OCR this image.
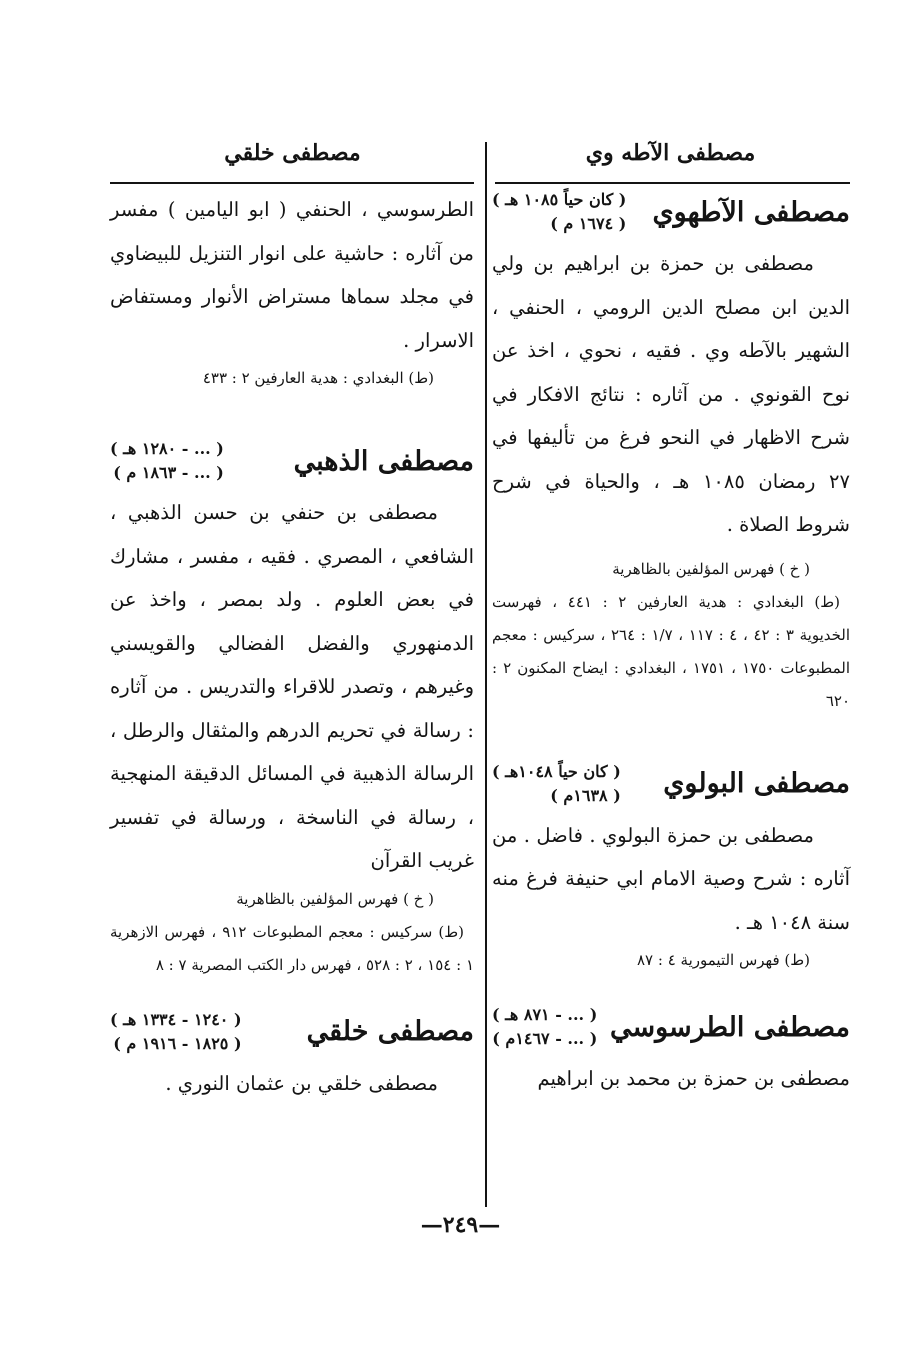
مصطفى الآطه وي
مصطفى خلقي
مصطفى الآطهوي
( كان حياً ١٠٨٥ هـ )
( ١٦٧٤ م )
مصطفى بن حمزة بن ابراهيم بن ولي الدين ابن مصلح الدين الرومي ، الحنفي ، الشهير بالآطه وي . فقيه ، نحوي ، اخذ عن نوح القونوي . من آثاره : نتائج الافكار في شرح الاظهار في النحو فرغ من تأليفها في ٢٧ رمضان ١٠٨٥ هـ ، والحياة في شرح شروط الصلاة .
( خ ) فهرس المؤلفين بالظاهرية
(ط) البغدادي : هدية العارفين ٢ : ٤٤١ ، فهرست الخديوية ٣ : ٤٢ ، ٤ : ١١٧ ، ١/٧ : ٢٦٤ ، سركيس : معجم المطبوعات ١٧٥٠ ، ١٧٥١ ، البغدادي : ايضاح المكنون ٢ : ٦٢٠
مصطفى البولوي
( كان حياً ١٠٤٨هـ )
( ١٦٣٨م )
مصطفى بن حمزة البولوي . فاضل . من آثاره : شرح وصية الامام ابي حنيفة فرغ منه سنة ١٠٤٨ هـ .
(ط) فهرس التيمورية ٤ : ٨٧
مصطفى الطرسوسي
( ... - ٨٧١ هـ )
( ... - ١٤٦٧م )
مصطفى بن حمزة بن محمد بن ابراهيم
الطرسوسي ، الحنفي ( ابو اليامين ) مفسر من آثاره : حاشية على انوار التنزيل للبيضاوي في مجلد سماها مستراض الأنوار ومستفاض الاسرار .
(ط) البغدادي : هدية العارفين ٢ : ٤٣٣
مصطفى الذهبي
( ... - ١٢٨٠ هـ )
( ... - ١٨٦٣ م )
مصطفى بن حنفي بن حسن الذهبي ، الشافعي ، المصري . فقيه ، مفسر ، مشارك في بعض العلوم . ولد بمصر ، واخذ عن الدمنهوري والفضل الفضالي والقويسني وغيرهم ، وتصدر للاقراء والتدريس . من آثاره : رسالة في تحريم الدرهم والمثقال والرطل ، الرسالة الذهبية في المسائل الدقيقة المنهجية ، رسالة في الناسخة ، ورسالة في تفسير غريب القرآن
( خ ) فهرس المؤلفين بالظاهرية
(ط) سركيس : معجم المطبوعات ٩١٢ ، فهرس الازهرية ١ : ١٥٤ ، ٢ : ٥٢٨ ، فهرس دار الكتب المصرية ٧ : ٨
مصطفى خلقي
( ١٢٤٠ - ١٣٣٤ هـ )
( ١٨٢٥ - ١٩١٦ م )
مصطفى خلقي بن عثمان النوري .
—٢٤٩—
